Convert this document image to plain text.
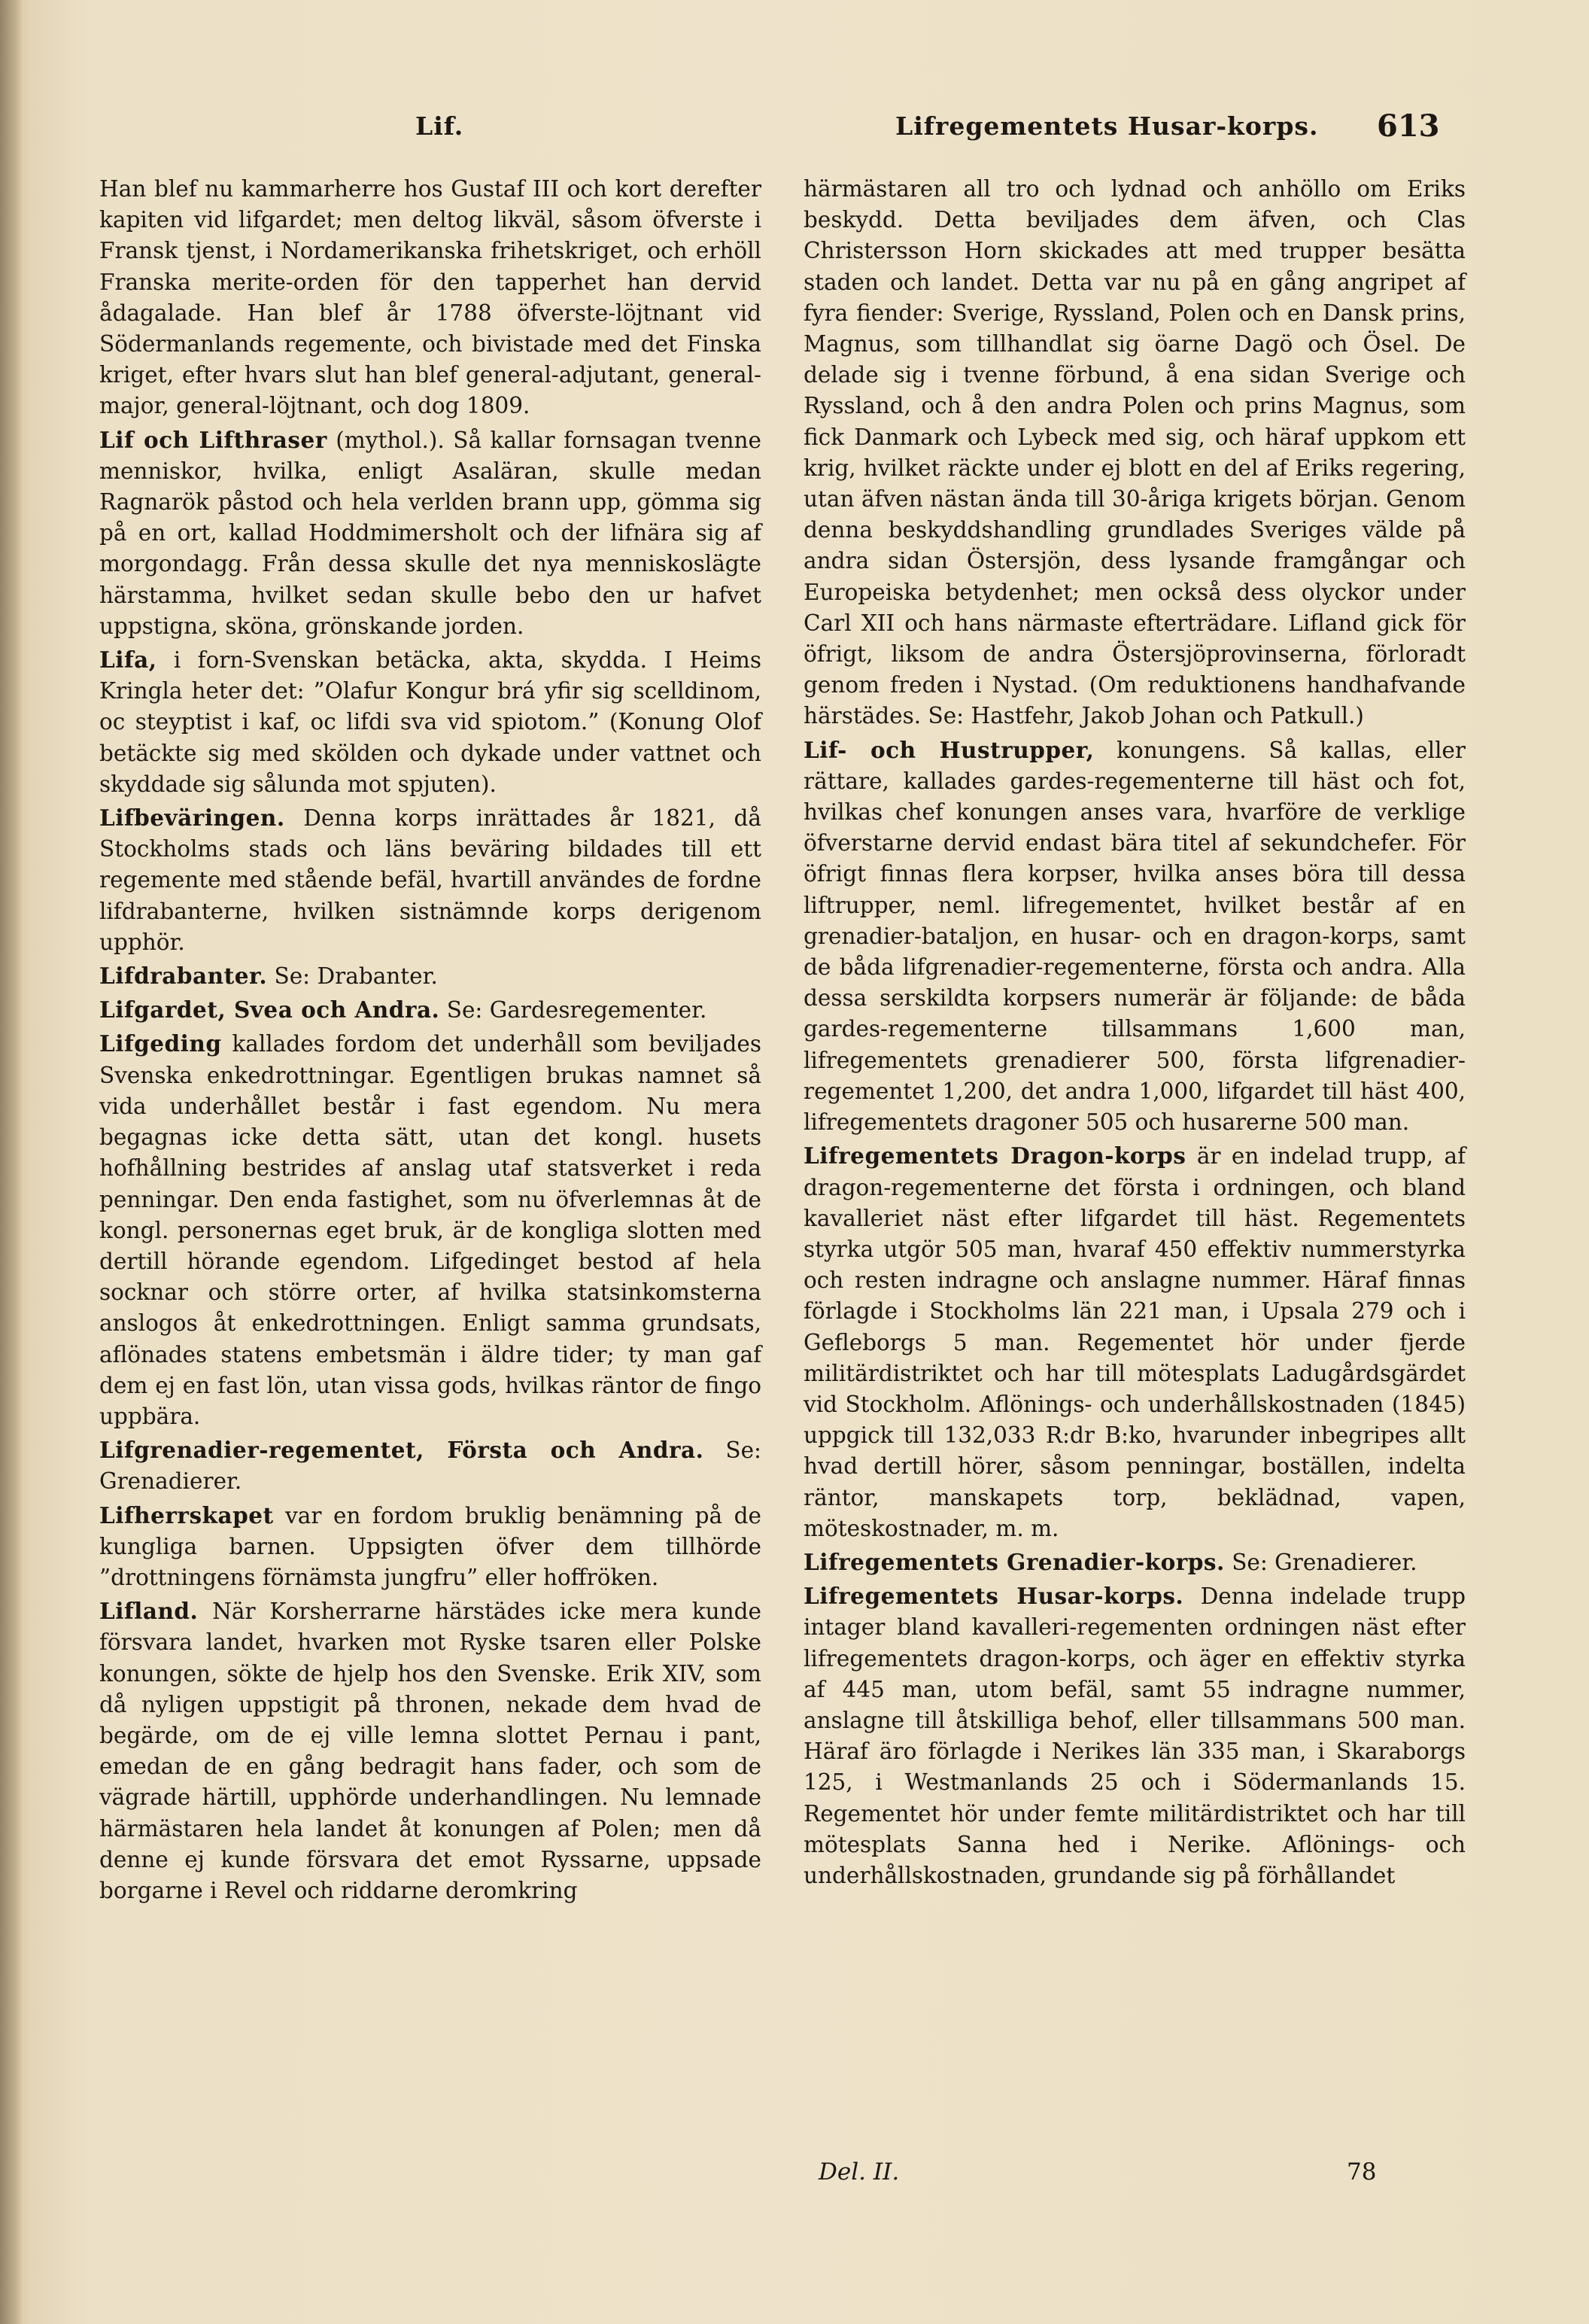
Lif.	Lifregementets Husar-korps. 613

Han blef nu kammarherre hos Gustaf III och kort derefter kapiten vid lifgardet; men deltog likväl, såsom öfverste i Fransk tjenst, i Nordamerikanska frihetskriget, och erhöll Franska merite-orden för den tapperhet han dervid ådagalade. Han blef år 1788 öfverste-löjtnant vid Södermanlands regemente, och bivistade med det Finska kriget, efter hvars slut han blef general-adjutant, general-major, general-löjtnant, och dog 1809.

Lif och Lifthraser (mythol.). Så kallar fornsagan tvenne menniskor, hvilka, enligt Asaläran, skulle medan Ragnarök påstod och hela verlden brann upp, gömma sig på en ort, kallad Hoddmimersholt och der lifnära sig af morgondagg. Från dessa skulle det nya menniskoslägte härstamma, hvilket sedan skulle bebo den ur hafvet uppstigna, sköna, grönskande jorden.

Lifa, i forn-Svenskan betäcka, akta, skydda. I Heims Kringla heter det: ”Olafur Kongur brá yfir sig scelldinom, oc steyptist i kaf, oc lifdi sva vid spiotom.” (Konung Olof betäckte sig med skölden och dykade under vattnet och skyddade sig sålunda mot spjuten).

Lifbeväringen. Denna korps inrättades år 1821, då Stockholms stads och läns beväring bildades till ett regemente med stående befäl, hvartill användes de fordne lifdrabanterne, hvilken sistnämnde korps derigenom upphör.

Lifdrabanter. Se: Drabanter.

Lifgardet, Svea och Andra. Se: Gardesregementer.

Lifgeding kallades fordom det underhåll som beviljades Svenska enkedrottningar. Egentligen brukas namnet så vida underhållet består i fast egendom. Nu mera begagnas icke detta sätt, utan det kongl. husets hofhållning bestrides af anslag utaf statsverket i reda penningar. Den enda fastighet, som nu öfverlemnas åt de kongl. personernas eget bruk, är de kongliga slotten med dertill hörande egendom. Lifgedinget bestod af hela socknar och större orter, af hvilka statsinkomsterna anslogos åt enkedrottningen. Enligt samma grundsats, aflönades statens embetsmän i äldre tider; ty man gaf dem ej en fast lön, utan vissa gods, hvilkas räntor de fingo uppbära.

Lifgrenadier-regementet, Första och Andra. Se: Grenadierer.

Lifherrskapet var en fordom bruklig benämning på de kungliga barnen. Uppsigten öfver dem tillhörde ”drottningens förnämsta jungfru” eller hoffröken.

Lifland. När Korsherrarne härstädes icke mera kunde försvara landet, hvarken mot Ryske tsaren eller Polske konungen, sökte de hjelp hos den Svenske. Erik XIV, som då nyligen uppstigit på thronen, nekade dem hvad de begärde, om de ej ville lemna slottet Pernau i pant, emedan de en gång bedragit hans fader, och som de vägrade härtill, upphörde underhandlingen. Nu lemnade härmästaren hela landet åt konungen af Polen; men då denne ej kunde försvara det emot Ryssarne, uppsade borgarne i Revel och riddarne deromkring

härmästaren all tro och lydnad och anhöllo om Eriks beskydd. Detta beviljades dem äfven, och Clas Christersson Horn skickades att med trupper besätta staden och landet. Detta var nu på en gång angripet af fyra fiender: Sverige, Ryssland, Polen och en Dansk prins, Magnus, som tillhandlat sig öarne Dagö och Ösel. De delade sig i tvenne förbund, å ena sidan Sverige och Ryssland, och å den andra Polen och prins Magnus, som fick Danmark och Lybeck med sig, och häraf uppkom ett krig, hvilket räckte under ej blott en del af Eriks regering, utan äfven nästan ända till 30-åriga krigets början. Genom denna beskyddshandling grundlades Sveriges välde på andra sidan Östersjön, dess lysande framgångar och Europeiska betydenhet; men också dess olyckor under Carl XII och hans närmaste efterträdare. Lifland gick för öfrigt, liksom de andra Östersjöprovinserna, förloradt genom freden i Nystad. (Om reduktionens handhafvande härstädes. Se: Hastfehr, Jakob Johan och Patkull.)

Lif- och Hustrupper, konungens. Så kallas, eller rättare, kallades gardes-regementerne till häst och fot, hvilkas chef konungen anses vara, hvarföre de verklige öfverstarne dervid endast bära titel af sekundchefer. För öfrigt finnas flera korpser, hvilka anses böra till dessa liftrupper, neml. lifregementet, hvilket består af en grenadier-bataljon, en husar- och en dragon-korps, samt de båda lifgrenadier-regementerne, första och andra. Alla dessa serskildta korpsers numerär är följande: de båda gardes-regementerne tillsammans 1,600 man, lifregementets grenadierer 500, första lifgrenadier-regementet 1,200, det andra 1,000, lifgardet till häst 400, lifregementets dragoner 505 och husarerne 500 man.

Lifregementets Dragon-korps är en indelad trupp, af dragon-regementerne det första i ordningen, och bland kavalleriet näst efter lifgardet till häst. Regementets styrka utgör 505 man, hvaraf 450 effektiv nummerstyrka och resten indragne och anslagne nummer. Häraf finnas förlagde i Stockholms län 221 man, i Upsala 279 och i Gefleborgs 5 man. Regementet hör under fjerde militärdistriktet och har till mötesplats Ladugårdsgärdet vid Stockholm. Aflönings- och underhållskostnaden (1845) uppgick till 132,033 R:dr B:ko, hvarunder inbegripes allt hvad dertill hörer, såsom penningar, boställen, indelta räntor, manskapets torp, beklädnad, vapen, möteskostnader, m. m.

Lifregementets Grenadier-korps. Se: Grenadierer.

Lifregementets Husar-korps. Denna indelade trupp intager bland kavalleri-regementen ordningen näst efter lifregementets dragon-korps, och äger en effektiv styrka af 445 man, utom befäl, samt 55 indragne nummer, anslagne till åtskilliga behof, eller tillsammans 500 man. Häraf äro förlagde i Nerikes län 335 man, i Skaraborgs 125, i Westmanlands 25 och i Södermanlands 15. Regementet hör under femte militärdistriktet och har till mötesplats Sanna hed i Nerike. Aflönings- och underhållskostnaden, grundande sig på förhållandet

Del. II.	78
